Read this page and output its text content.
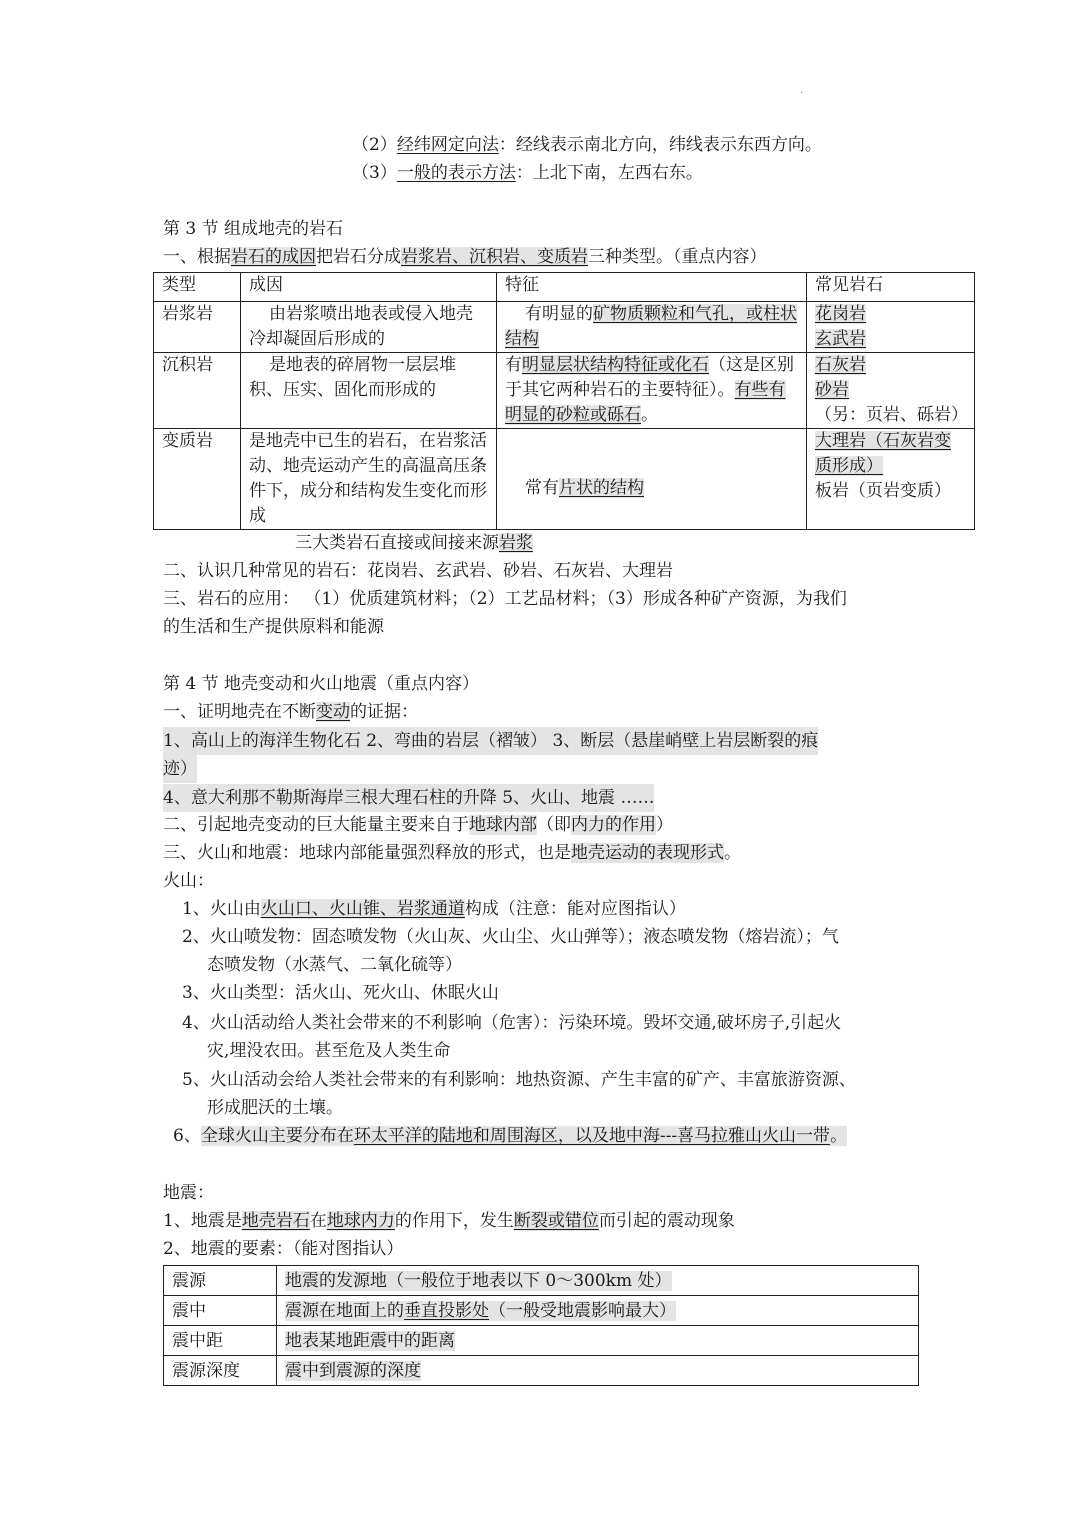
·
（2）经纬网定向法：经线表示南北方向，纬线表示东西方向。
（3）一般的表示方法：上北下南，左西右东。
第 3 节 组成地壳的岩石
一、根据岩石的成因把岩石分成岩浆岩、沉积岩、变质岩三种类型。（重点内容）
类型	成因	特征	常见岩石
岩浆岩	由岩浆喷出地表或侵入地壳冷却凝固后形成的	有明显的矿物质颗粒和气孔，或柱状结构	花岗岩
玄武岩
沉积岩	是地表的碎屑物一层层堆积、压实、固化而形成的	有明显层状结构特征或化石（这是区别于其它两种岩石的主要特征）。有些有明显的砂粒或砾石。	石灰岩
砂岩
（另：页岩、砾岩）
变质岩	是地壳中已生的岩石，在岩浆活动、地壳运动产生的高温高压条件下，成分和结构发生变化而形成	常有片状的结构	大理岩（石灰岩变质形成）
板岩（页岩变质）
三大类岩石直接或间接来源岩浆
二、认识几种常见的岩石：花岗岩、玄武岩、砂岩、石灰岩、大理岩
三、岩石的应用： （1）优质建筑材料；（2）工艺品材料；（3）形成各种矿产资源，为我们
的生活和生产提供原料和能源
第 4 节 地壳变动和火山地震（重点内容）
一、证明地壳在不断变动的证据：
1、高山上的海洋生物化石 2、弯曲的岩层（褶皱） 3、断层（悬崖峭壁上岩层断裂的痕
迹）
4、意大利那不勒斯海岸三根大理石柱的升降 5、火山、地震 ……
二、引起地壳变动的巨大能量主要来自于地球内部（即内力的作用）
三、火山和地震：地球内部能量强烈释放的形式，也是地壳运动的表现形式。
火山：
1、火山由火山口、火山锥、岩浆通道构成（注意：能对应图指认）
2、火山喷发物：固态喷发物（火山灰、火山尘、火山弹等）；液态喷发物（熔岩流）；气
态喷发物（水蒸气、二氧化硫等）
3、火山类型：活火山、死火山、休眠火山
4、火山活动给人类社会带来的不利影响（危害）：污染环境。毁坏交通,破坏房子,引起火
灾,埋没农田。甚至危及人类生命
5、火山活动会给人类社会带来的有利影响：地热资源、产生丰富的矿产、丰富旅游资源、
形成肥沃的土壤。
6、全球火山主要分布在环太平洋的陆地和周围海区，以及地中海---喜马拉雅山火山一带。
地震：
1、地震是地壳岩石在地球内力的作用下，发生断裂或错位而引起的震动现象
2、地震的要素：（能对图指认）
震源	地震的发源地（一般位于地表以下 0～300km 处）
震中	震源在地面上的垂直投影处（一般受地震影响最大）
震中距	地表某地距震中的距离
震源深度	震中到震源的深度
